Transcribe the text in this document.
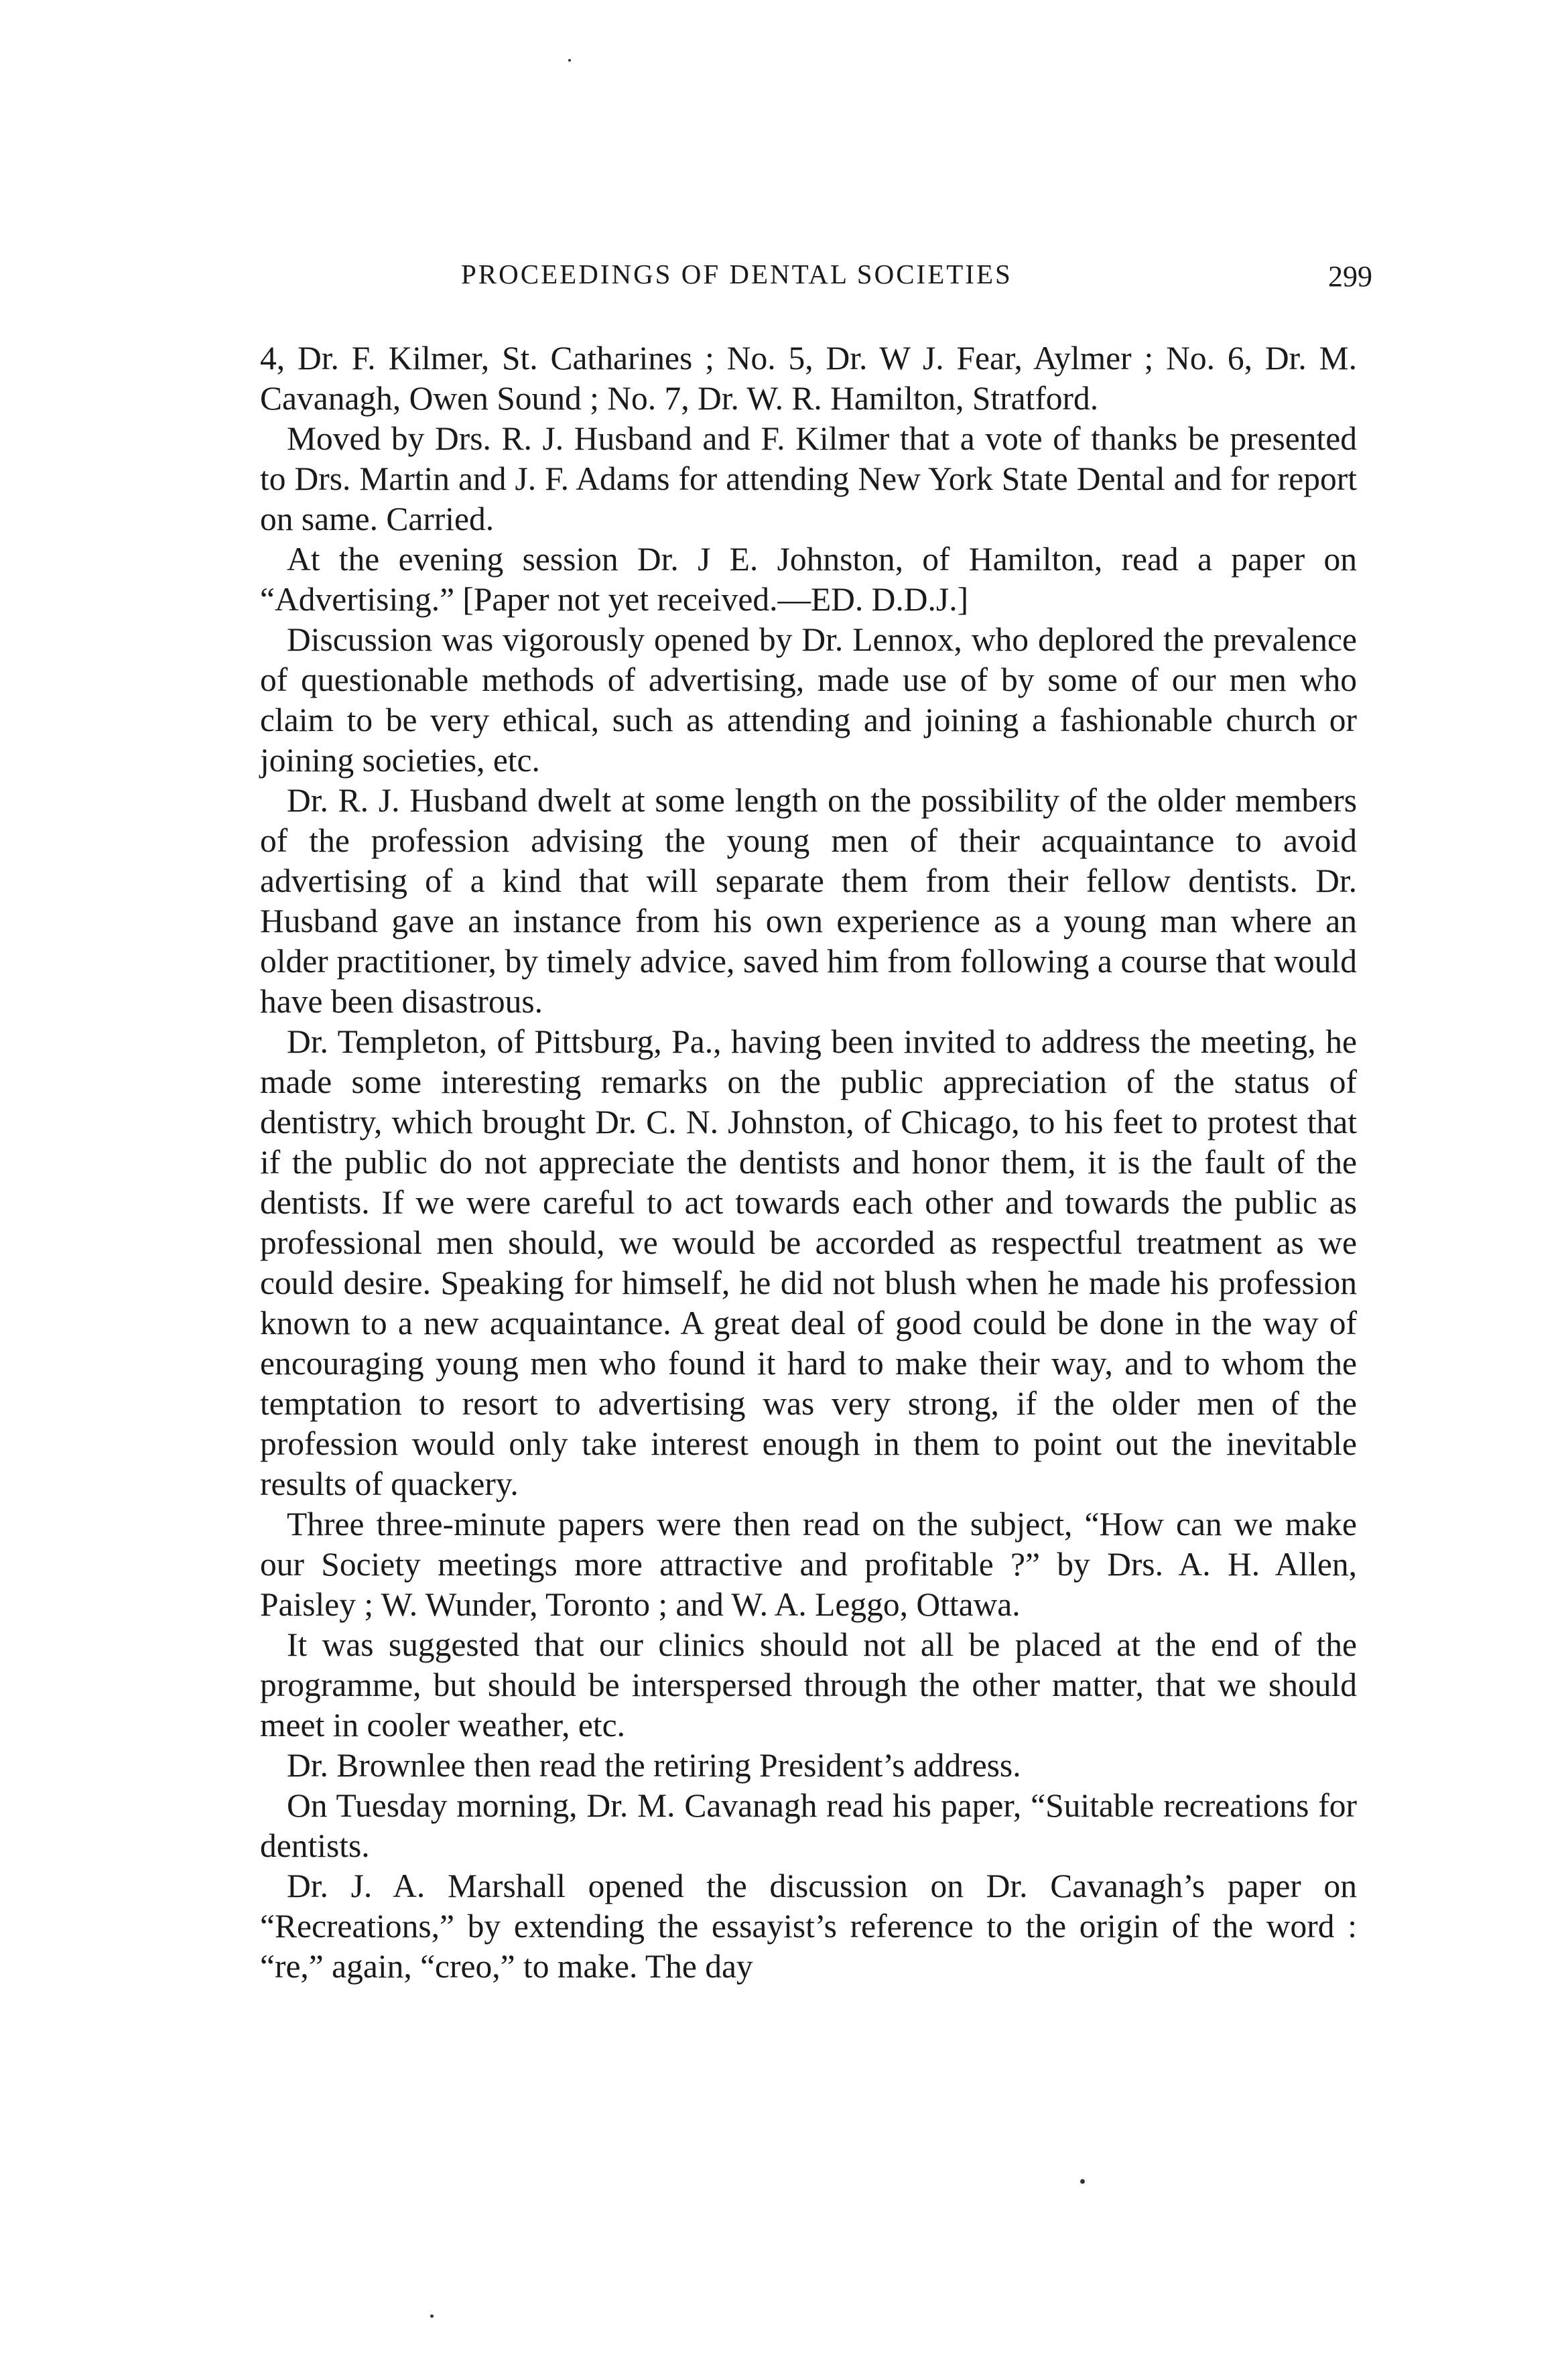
PROCEEDINGS OF DENTAL SOCIETIES	299

4, Dr. F. Kilmer, St. Catharines ; No. 5, Dr. W J. Fear, Aylmer ; No. 6, Dr. M. Cavanagh, Owen Sound ; No. 7, Dr. W. R. Hamilton, Stratford.

Moved by Drs. R. J. Husband and F. Kilmer that a vote of thanks be presented to Drs. Martin and J. F. Adams for attending New York State Dental and for report on same. Carried.

At the evening session Dr. J E. Johnston, of Hamilton, read a paper on “Advertising.” [Paper not yet received.—ED. D.D.J.]

Discussion was vigorously opened by Dr. Lennox, who deplored the prevalence of questionable methods of advertising, made use of by some of our men who claim to be very ethical, such as attending and joining a fashionable church or joining societies, etc.

Dr. R. J. Husband dwelt at some length on the possibility of the older members of the profession advising the young men of their acquaintance to avoid advertising of a kind that will separate them from their fellow dentists. Dr. Husband gave an instance from his own experience as a young man where an older practitioner, by timely advice, saved him from following a course that would have been disastrous.

Dr. Templeton, of Pittsburg, Pa., having been invited to address the meeting, he made some interesting remarks on the public appreciation of the status of dentistry, which brought Dr. C. N. Johnston, of Chicago, to his feet to protest that if the public do not appreciate the dentists and honor them, it is the fault of the dentists. If we were careful to act towards each other and towards the public as professional men should, we would be accorded as respectful treatment as we could desire. Speaking for himself, he did not blush when he made his profession known to a new acquaintance. A great deal of good could be done in the way of encouraging young men who found it hard to make their way, and to whom the temptation to resort to advertising was very strong, if the older men of the profession would only take interest enough in them to point out the inevitable results of quackery.

Three three-minute papers were then read on the subject, “How can we make our Society meetings more attractive and profitable ?” by Drs. A. H. Allen, Paisley ; W. Wunder, Toronto ; and W. A. Leggo, Ottawa.

It was suggested that our clinics should not all be placed at the end of the programme, but should be interspersed through the other matter, that we should meet in cooler weather, etc.

Dr. Brownlee then read the retiring President’s address.

On Tuesday morning, Dr. M. Cavanagh read his paper, “Suitable recreations for dentists.

Dr. J. A. Marshall opened the discussion on Dr. Cavanagh’s paper on “Recreations,” by extending the essayist’s reference to the origin of the word : “re,” again, “creo,” to make. The day
